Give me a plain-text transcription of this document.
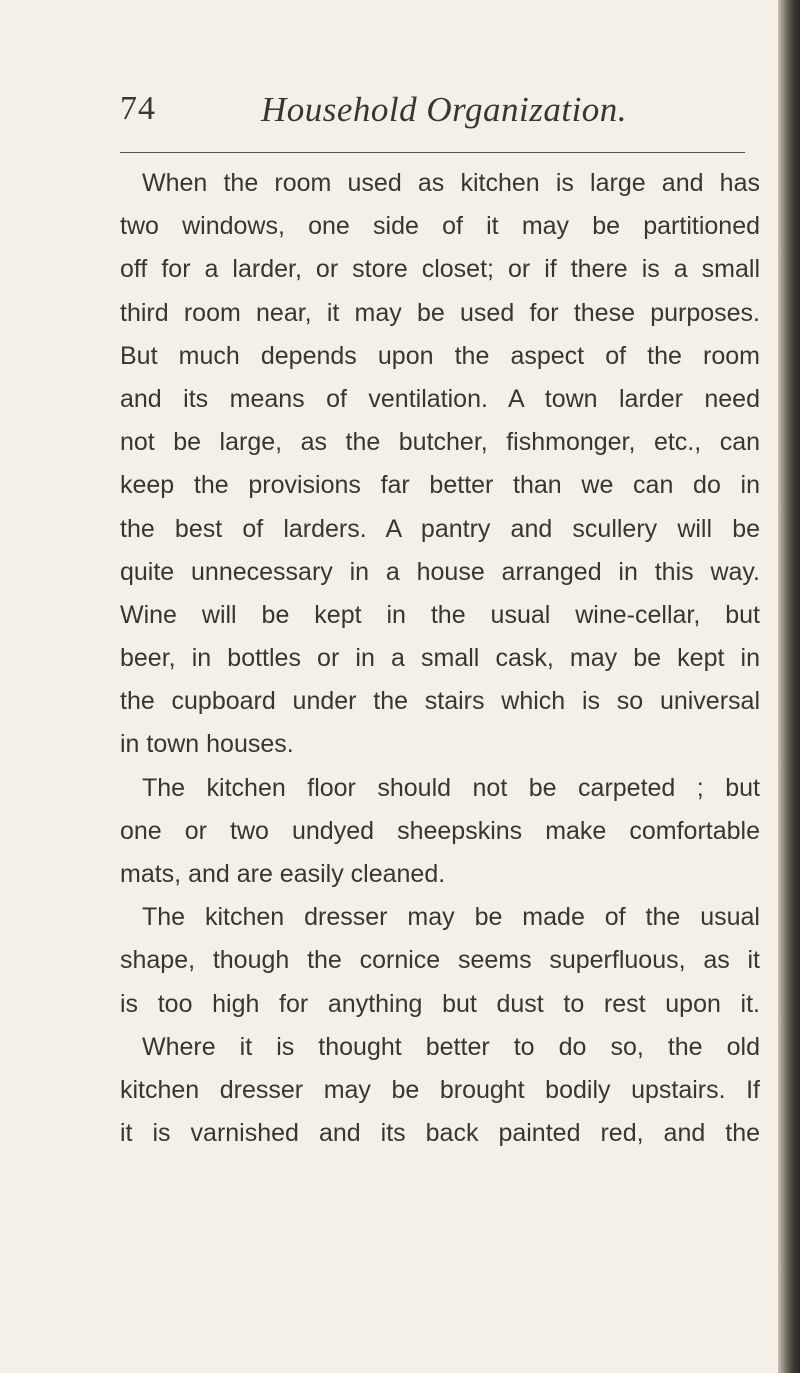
74	Household Organization.
When the room used as kitchen is large and has
two windows, one side of it may be partitioned
off for a larder, or store closet; or if there is a small
third room near, it may be used for these purposes.
But much depends upon the aspect of the room
and its means of ventilation. A town larder need
not be large, as the butcher, fishmonger, etc., can
keep the provisions far better than we can do in
the best of larders. A pantry and scullery will be
quite unnecessary in a house arranged in this way.
Wine will be kept in the usual wine-cellar, but
beer, in bottles or in a small cask, may be kept in
the cupboard under the stairs which is so universal
in town houses.
The kitchen floor should not be carpeted ; but
one or two undyed sheepskins make comfortable
mats, and are easily cleaned.
The kitchen dresser may be made of the usual
shape, though the cornice seems superfluous, as it
is too high for anything but dust to rest upon it.
Where it is thought better to do so, the old
kitchen dresser may be brought bodily upstairs. If
it is varnished and its back painted red, and the
